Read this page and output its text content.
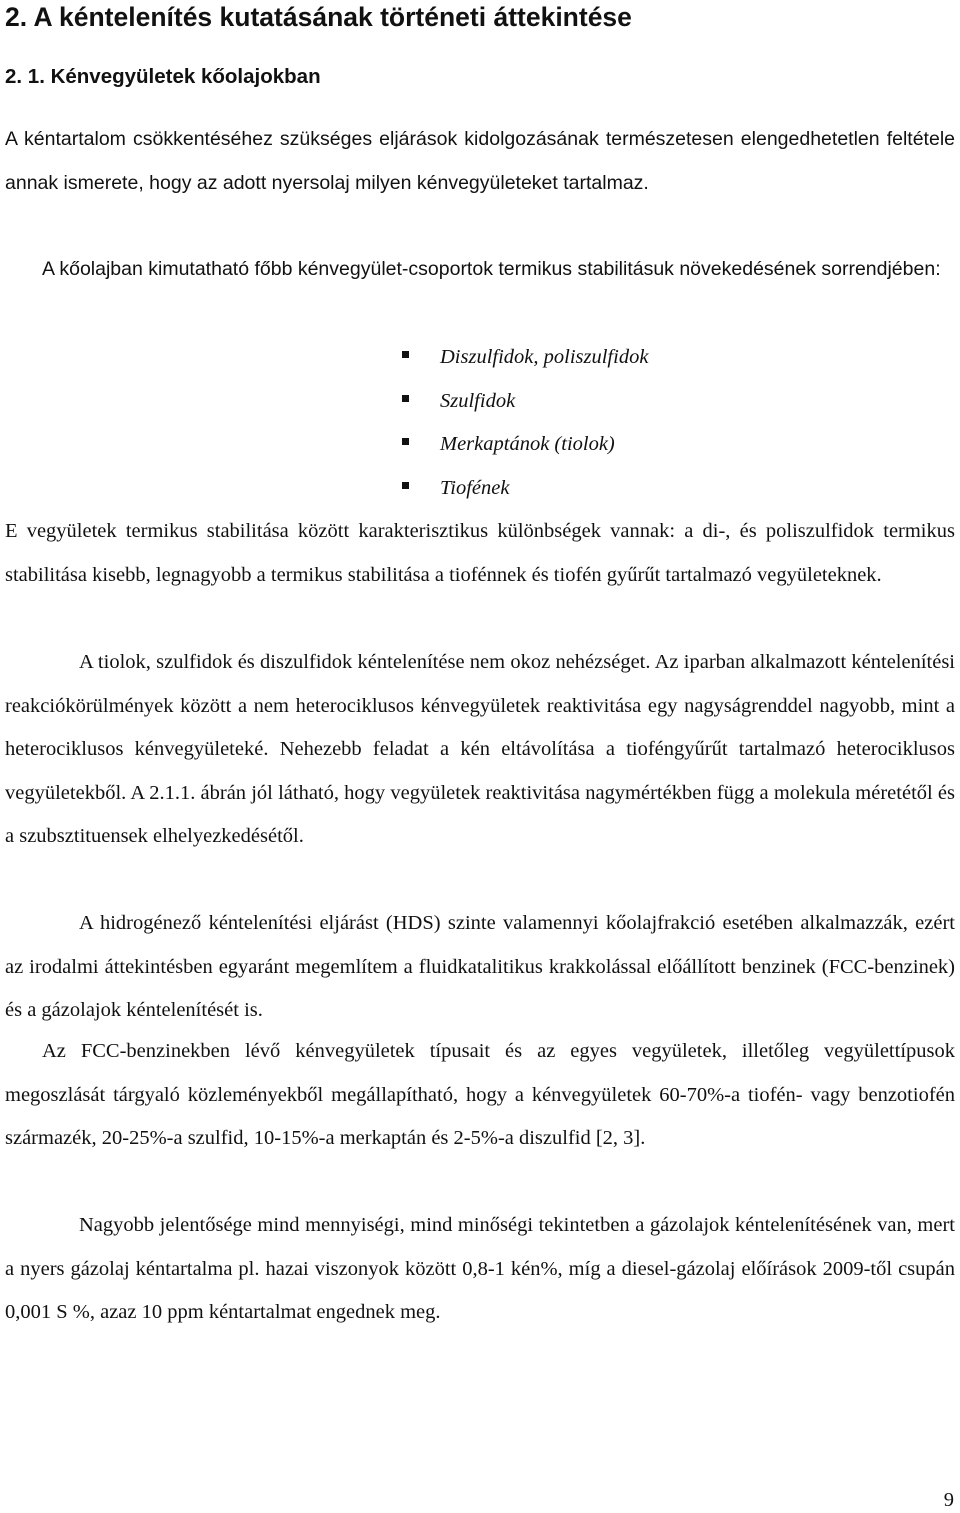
2. A kéntelenítés kutatásának történeti áttekintése
2. 1. Kénvegyületek kőolajokban

A kéntartalom csökkentéséhez szükséges eljárások kidolgozásának természetesen elengedhetetlen feltétele annak ismerete, hogy az adott nyersolaj milyen kénvegyületeket tartalmaz.

A kőolajban kimutatható főbb kénvegyület-csoportok termikus stabilitásuk növekedésének sorrendjében:

Diszulfidok, poliszulfidok
Szulfidok
Merkaptánok (tiolok)
Tiofének

E vegyületek termikus stabilitása között karakterisztikus különbségek vannak: a di-, és poliszulfidok termikus stabilitása kisebb, legnagyobb a termikus stabilitása a tiofénnek és tiofén gyűrűt tartalmazó vegyületeknek.

A tiolok, szulfidok és diszulfidok kéntelenítése nem okoz nehézséget. Az iparban alkalmazott kéntelenítési reakciókörülmények között a nem heterociklusos kénvegyületek reaktivitása egy nagyságrenddel nagyobb, mint a heterociklusos kénvegyületeké. Nehezebb feladat a kén eltávolítása a tioféngyűrűt tartalmazó heterociklusos vegyületekből. A 2.1.1. ábrán jól látható, hogy vegyületek reaktivitása nagymértékben függ a molekula méretétől és a szubsztituensek elhelyezkedésétől.

A hidrogénező kéntelenítési eljárást (HDS) szinte valamennyi kőolajfrakció esetében alkalmazzák, ezért az irodalmi áttekintésben egyaránt megemlítem a fluidkatalitikus krakkolással előállított benzinek (FCC-benzinek) és a gázolajok kéntelenítését is.

Az FCC-benzinekben lévő kénvegyületek típusait és az egyes vegyületek, illetőleg vegyülettípusok megoszlását tárgyaló közleményekből megállapítható, hogy a kénvegyületek 60-70%-a tiofén- vagy benzotiofén származék, 20-25%-a szulfid, 10-15%-a merkaptán és 2-5%-a diszulfid [2, 3].

Nagyobb jelentősége mind mennyiségi, mind minőségi tekintetben a gázolajok kéntelenítésének van, mert a nyers gázolaj kéntartalma pl. hazai viszonyok között 0,8-1 kén%, míg a diesel-gázolaj előírások 2009-től csupán 0,001 S %, azaz 10 ppm kéntartalmat engednek meg.

9
